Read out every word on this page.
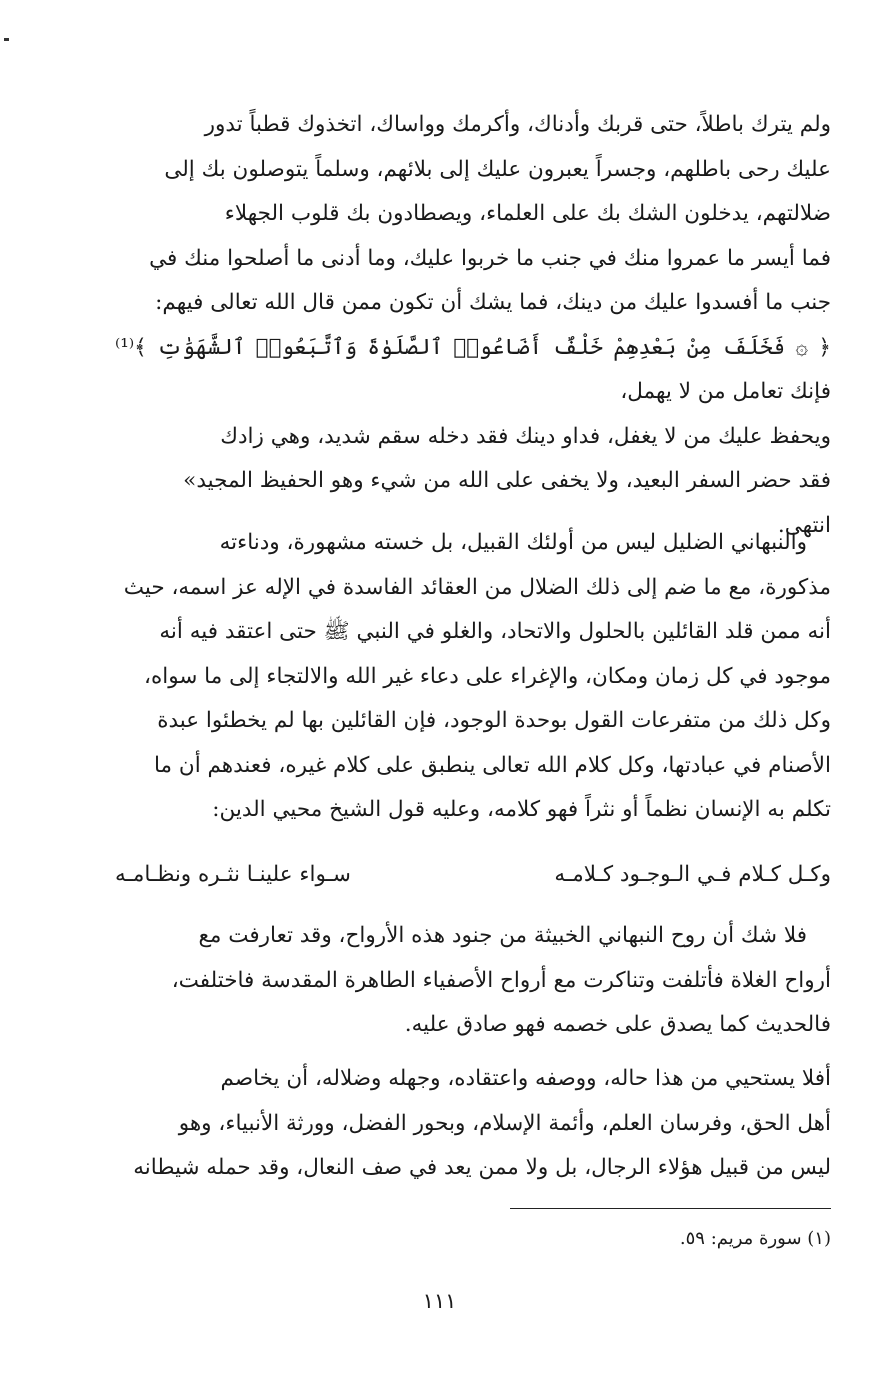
ولم يترك باطلاً، حتى قربك وأدناك، وأكرمك وواساك، اتخذوك قطباً تدور

عليك رحى باطلهم، وجسراً يعبرون عليك إلى بلائهم، وسلماً يتوصلون بك إلى

ضلالتهم، يدخلون الشك بك على العلماء، ويصطادون بك قلوب الجهلاء

فما أيسر ما عمروا منك في جنب ما خربوا عليك، وما أدنى ما أصلحوا منك في

جنب ما أفسدوا عليك من دينك، فما يشك أن تكون ممن قال الله تعالى فيهم:

﴿ ۞ فَخَلَفَ مِنْ بَعْدِهِمْ خَلْفٌ أَضَاعُوا۟ ٱلصَّلَوٰةَ وَٱتَّبَعُوا۟ ٱلشَّهَوَٰتِ ﴾⁽¹⁾ فإنك تعامل من لا يهمل،

ويحفظ عليك من لا يغفل، فداو دينك فقد دخله سقم شديد، وهي زادك

فقد حضر السفر البعيد، ولا يخفى على الله من شيء وهو الحفيظ المجيد»

انتهى.

والنبهاني الضليل ليس من أولئك القبيل، بل خسته مشهورة، ودناءته

مذكورة، مع ما ضم إلى ذلك الضلال من العقائد الفاسدة في الإله عز اسمه، حيث

أنه ممن قلد القائلين بالحلول والاتحاد، والغلو في النبي ﷺ حتى اعتقد فيه أنه

موجود في كل زمان ومكان، والإغراء على دعاء غير الله والالتجاء إلى ما سواه،

وكل ذلك من متفرعات القول بوحدة الوجود، فإن القائلين بها لم يخطئوا عبدة

الأصنام في عبادتها، وكل كلام الله تعالى ينطبق على كلام غيره، فعندهم أن ما

تكلم به الإنسان نظماً أو نثراً فهو كلامه، وعليه قول الشيخ محيي الدين:

وكـل كـلام فـي الـوجـود كـلامـه
سـواء علينـا نثـره ونظـامـه

فلا شك أن روح النبهاني الخبيثة من جنود هذه الأرواح، وقد تعارفت مع

أرواح الغلاة فأتلفت وتناكرت مع أرواح الأصفياء الطاهرة المقدسة فاختلفت،

فالحديث كما يصدق على خصمه فهو صادق عليه.

أفلا يستحيي من هذا حاله، ووصفه واعتقاده، وجهله وضلاله، أن يخاصم

أهل الحق، وفرسان العلم، وأئمة الإسلام، وبحور الفضل، وورثة الأنبياء، وهو

ليس من قبيل هؤلاء الرجال، بل ولا ممن يعد في صف النعال، وقد حمله شيطانه

(١) سورة مريم: ٥٩.
١١١
